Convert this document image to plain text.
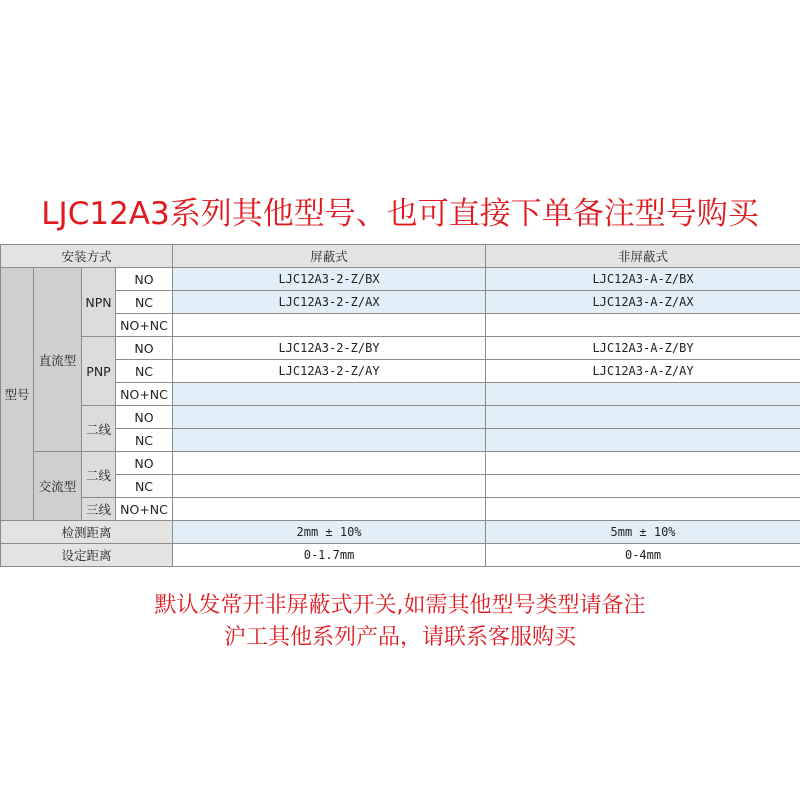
LJC12A3系列其他型号、也可直接下单备注型号购买
安装方式				屏蔽式	非屏蔽式
型号	直流型	NPN	NO	LJC12A3-2-Z/BX	LJC12A3-A-Z/BX
			NC	LJC12A3-2-Z/AX	LJC12A3-A-Z/AX
			NO+NC		
		PNP	NO	LJC12A3-2-Z/BY	LJC12A3-A-Z/BY
			NC	LJC12A3-2-Z/AY	LJC12A3-A-Z/AY
			NO+NC		
		二线	NO		
			NC		
	交流型	二线	NO		
			NC		
		三线	NO+NC		
检测距离				2mm ± 10%	5mm ± 10%
设定距离				0-1.7mm	0-4mm
默认发常开非屏蔽式开关,如需其他型号类型请备注
沪工其他系列产品，请联系客服购买
